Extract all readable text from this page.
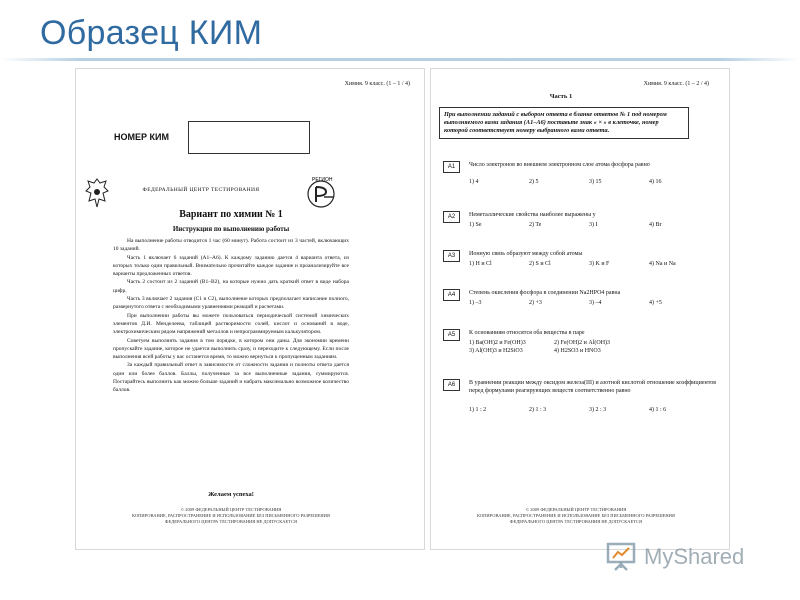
Образец КИМ
Химия. 9 класс. (1 – 1 / 4)
НОМЕР КИМ
ФЕДЕРАЛЬНЫЙ ЦЕНТР ТЕСТИРОВАНИЯ
РЕГИОН
Вариант по химии № 1
Инструкция по выполнению работы

На выполнение работы отводится 1 час (60 минут). Работа состоит из 3 частей, включающих 10 заданий.

Часть 1 включает 6 заданий (А1–А6). К каждому заданию дается 4 варианта ответа, из которых только один правильный. Внимательно прочитайте каждое задание и проанализируйте все варианты предложенных ответов.

Часть 2 состоит из 2 заданий (В1–В2), на которые нужно дать краткий ответ в виде набора цифр.

Часть 3 включает 2 задания (С1 и С2), выполнение которых предполагает написание полного, развернутого ответа с необходимыми уравнениями реакций и расчетами.

При выполнении работы вы можете пользоваться периодической системой химических элементов Д.И. Менделеева, таблицей растворимости солей, кислот и оснований в воде, электрохимическим рядом напряжений металлов и непрограммируемым калькулятором.

Советуем выполнять задания в том порядке, в котором они даны. Для экономии времени пропускайте задание, которое не удается выполнить сразу, и переходите к следующему. Если после выполнения всей работы у вас останется время, то можно вернуться к пропущенным заданиям.

За каждый правильный ответ в зависимости от сложности задания и полноты ответа дается один или более баллов. Баллы, полученные за все выполненные задания, суммируются. Постарайтесь выполнить как можно больше заданий и набрать максимально возможное количество баллов.

Желаем успеха!
© 2009 ФЕДЕРАЛЬНЫЙ ЦЕНТР ТЕСТИРОВАНИЯ
КОПИРОВАНИЕ, РАСПРОСТРАНЕНИЕ И ИСПОЛЬЗОВАНИЕ БЕЗ ПИСЬМЕННОГО РАЗРЕШЕНИЯ
ФЕДЕРАЛЬНОГО ЦЕНТРА ТЕСТИРОВАНИЯ НЕ ДОПУСКАЕТСЯ
Химия. 9 класс. (1 – 2 / 4)
Часть 1
При выполнении заданий с выбором ответа в бланке ответов № 1 под номером выполняемого вами задания (А1–А6) поставьте знак « × » в клеточке, номер которой соответствует номеру выбранного вами ответа.
А1	Число электронов во внешнем электронном слое атома фосфора равно
1) 4	2) 5	3) 15	4) 16
А2	Неметаллические свойства наиболее выражены у
1) Se	2) Te	3) I	4) Br
А3	Ионную связь образуют между собой атомы
1) H и Cl	2) S и Cl	3) K и F	4) Na и Na
А4	Степень окисления фосфора в соединении Na2HPO4 равна
1) –3	2) +3	3) –4	4) +5
А5	К основаниям относятся оба вещества в паре
1) Ba(OH)2 и Fe(OH)3	2) Fe(OH)2 и Al(OH)3
3) Al(OH)3 и H2SiO3	4) H2SO3 и HNO3
А6	В уравнении реакции между оксидом железа(III) и азотной кислотой отношение коэффициентов перед формулами реагирующих веществ соответственно равно
1) 1 : 2	2) 1 : 3	3) 2 : 3	4) 1 : 6
© 2009 ФЕДЕРАЛЬНЫЙ ЦЕНТР ТЕСТИРОВАНИЯ
КОПИРОВАНИЕ, РАСПРОСТРАНЕНИЕ И ИСПОЛЬЗОВАНИЕ БЕЗ ПИСЬМЕННОГО РАЗРЕШЕНИЯ
ФЕДЕРАЛЬНОГО ЦЕНТРА ТЕСТИРОВАНИЯ НЕ ДОПУСКАЕТСЯ
MyShared
